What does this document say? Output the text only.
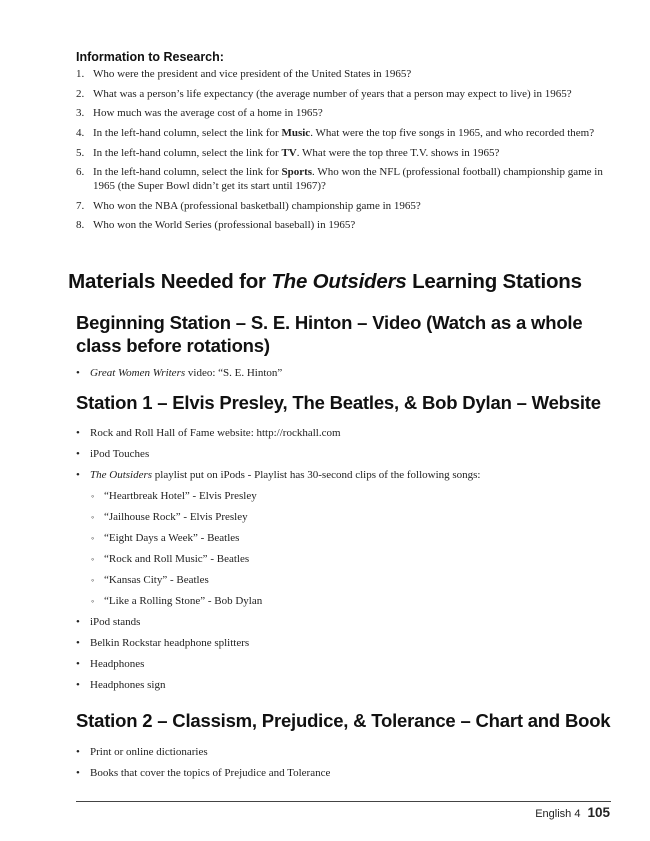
Information to Research:
1. Who were the president and vice president of the United States in 1965?
2. What was a person’s life expectancy (the average number of years that a person may expect to live) in 1965?
3. How much was the average cost of a home in 1965?
4. In the left-hand column, select the link for Music. What were the top five songs in 1965, and who recorded them?
5. In the left-hand column, select the link for TV. What were the top three T.V. shows in 1965?
6. In the left-hand column, select the link for Sports. Who won the NFL (professional football) championship game in 1965 (the Super Bowl didn’t get its start until 1967)?
7. Who won the NBA (professional basketball) championship game in 1965?
8. Who won the World Series (professional baseball) in 1965?
Materials Needed for The Outsiders Learning Stations
Beginning Station – S. E. Hinton – Video (Watch as a whole class before rotations)
• Great Women Writers video: “S. E. Hinton”
Station 1 – Elvis Presley, The Beatles, & Bob Dylan – Website
• Rock and Roll Hall of Fame website: http://rockhall.com
• iPod Touches
• The Outsiders playlist put on iPods - Playlist has 30-second clips of the following songs:
◦ “Heartbreak Hotel” - Elvis Presley
◦ “Jailhouse Rock” - Elvis Presley
◦ “Eight Days a Week” - Beatles
◦ “Rock and Roll Music” - Beatles
◦ “Kansas City” - Beatles
◦ “Like a Rolling Stone” - Bob Dylan
• iPod stands
• Belkin Rockstar headphone splitters
• Headphones
• Headphones sign
Station 2 – Classism, Prejudice, & Tolerance – Chart and Book
• Print or online dictionaries
• Books that cover the topics of Prejudice and Tolerance
English 4 105
